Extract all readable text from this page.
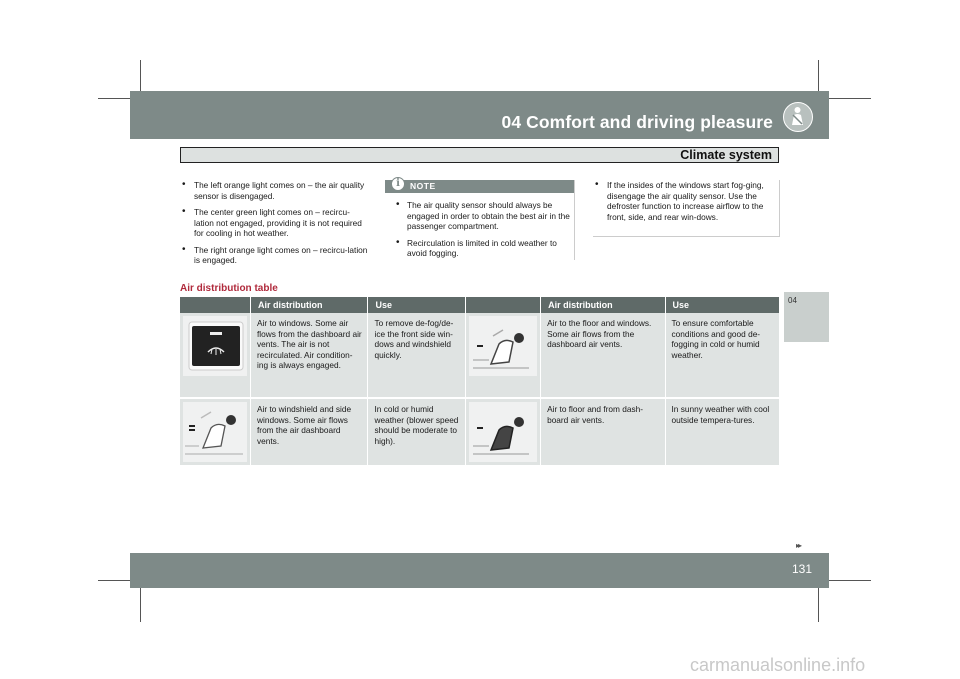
04 Comfort and driving pleasure
Climate system
04
• The left orange light comes on – the air quality sensor is disengaged.
• The center green light comes on – recircu-lation not engaged, providing it is not required for cooling in hot weather.
• The right orange light comes on – recircu-lation is engaged.
NOTE
i
• The air quality sensor should always be engaged in order to obtain the best air in the passenger compartment.
• Recirculation is limited in cold weather to avoid fogging.
• If the insides of the windows start fog-ging, disengage the air quality sensor. Use the defroster function to increase airflow to the front, side, and rear win-dows.
Air distribution table
	Air distribution	Use		Air distribution	Use

	Air to windows. Some air flows from the dashboard air vents. The air is not recirculated. Air condition-ing is always engaged.	To remove de-fog/de-ice the front side win-dows and windshield quickly.		Air to the floor and windows. Some air flows from the dashboard air vents.	To ensure comfortable conditions and good de-fogging in cold or humid weather.

	Air to windshield and side windows. Some air flows from the air dashboard vents.	In cold or humid weather (blower speed should be moderate to high).		Air to floor and from dash-board air vents.	In sunny weather with cool outside tempera-tures.
▸▸
131
carmanualsonline.info
